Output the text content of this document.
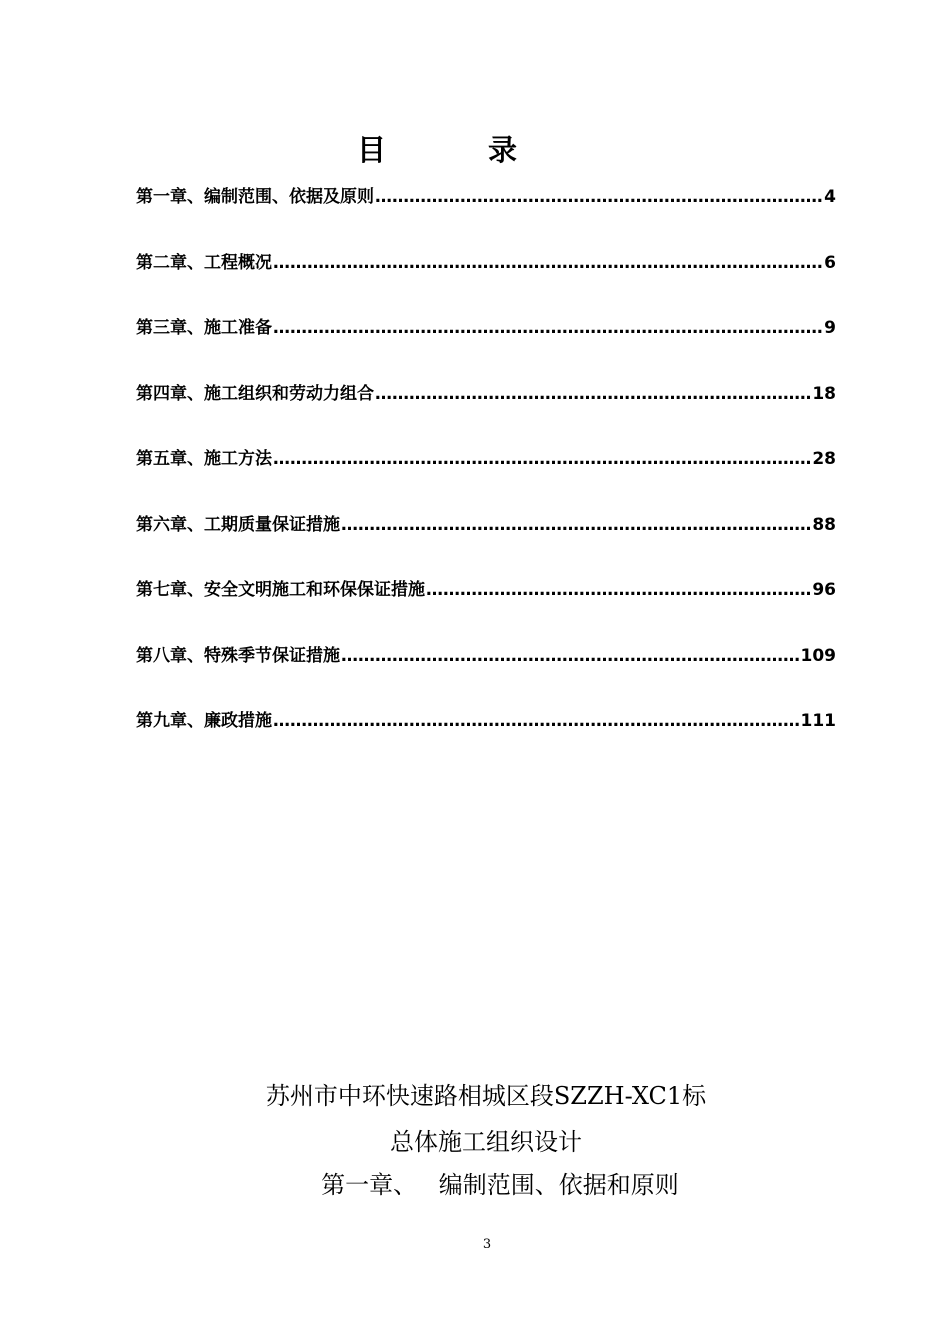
目 录
第一章、编制范围、依据及原则 ………………………………………………………………………………………………………………………………………………………………………………	4
第二章、工程概况 ………………………………………………………………………………………………………………………………………………………………………………	6
第三章、施工准备 ………………………………………………………………………………………………………………………………………………………………………………	9
第四章、施工组织和劳动力组合 ………………………………………………………………………………………………………………………………………………………………………………	18
第五章、施工方法 ………………………………………………………………………………………………………………………………………………………………………………	28
第六章、工期质量保证措施 ………………………………………………………………………………………………………………………………………………………………………………	88
第七章、安全文明施工和环保保证措施 ………………………………………………………………………………………………………………………………………………………………………………	96
第八章、特殊季节保证措施 ………………………………………………………………………………………………………………………………………………………………………………	109
第九章、廉政措施 ………………………………………………………………………………………………………………………………………………………………………………	111
苏州市中环快速路相城区段SZZH-XC1标
总体施工组织设计
第一章、 编制范围、依据和原则
3
